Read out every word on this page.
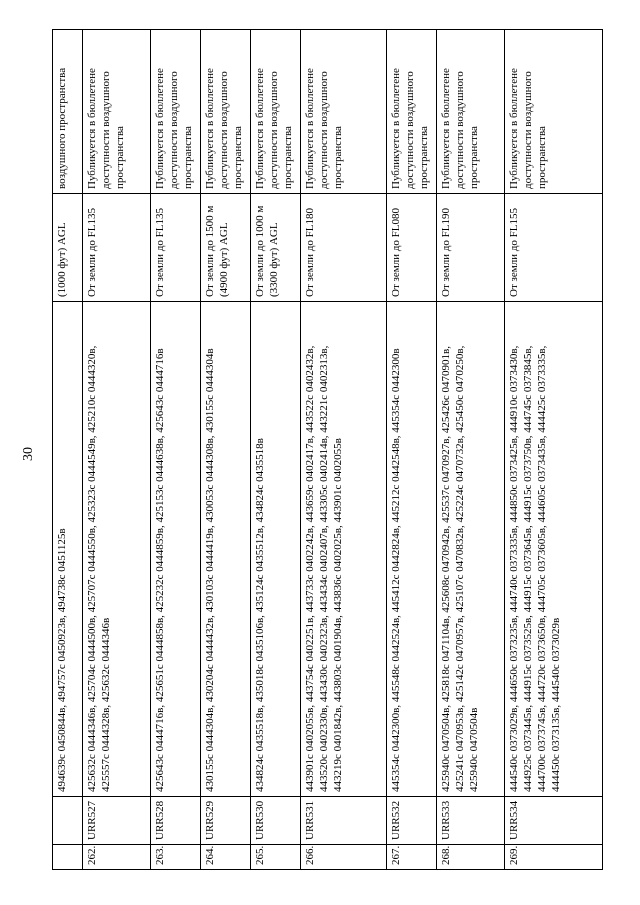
30
		494639с 0450844в, 494757с 0450923в, 494738с 0451125в	(1000 фут) AGL	воздушного пространства
262.	URR527	425632с 0444346в, 425704с 0444500в, 425707с 0444550в, 425323с 0444549в, 425210с 0444320в, 425557с 0444328в, 425632с 0444346в	От земли до FL135	Публикуется в бюллетене доступности воздушного пространства
263.	URR528	425643с 0444716в, 425651с 0444858в, 425232с 0444859в, 425153с 0444638в, 425643с 0444716в	От земли до FL135	Публикуется в бюллетене доступности воздушного пространства
264.	URR529	430155с 0444304в, 430204с 0444432в, 430103с 0444419в, 430053с 0444308в, 430155с 0444304в	От земли до 1500 м (4900 фут) AGL	Публикуется в бюллетене доступности воздушного пространства
265.	URR530	434824с 0435518в, 435018с 0435106в, 435124с 0435512в, 434824с 0435518в	От земли до 1000 м (3300 фут) AGL	Публикуется в бюллетене доступности воздушного пространства
266.	URR531	443901с 0402055в, 443754с 0402251в, 443733с 0402242в, 443659с 0402417в, 443522с 0402432в, 443520с 0402330в, 443430с 0402323в, 443434с 0402407в, 443305с 0402414в, 443221с 0402313в, 443219с 0401842в, 443803с 0401904в, 443836с 0402025в, 443901с 0402055в	От земли до FL180	Публикуется в бюллетене доступности воздушного пространства
267.	URR532	445354с 0442300в, 445548с 0442524в, 445412с 0442824в, 445212с 0442548в, 445354с 0442300в	От земли до FL080	Публикуется в бюллетене доступности воздушного пространства
268.	URR533	425940с 0470504в, 425818с 0471104в, 425608с 0470942в, 425537с 0470927в, 425426с 0470901в, 425241с 0470953в, 425142с 0470957в, 425107с 0470832в, 425224с 0470732в, 425450с 0470250в, 425940с 0470504в	От земли до FL190	Публикуется в бюллетене доступности воздушного пространства
269.	URR534	444540с 0373029в, 444650с 0373235в, 444740с 0373335в, 444850с 0373425в, 444910с 0373430в, 444925с 0373445в, 444915с 0373525в, 444915с 0373645в, 444915с 0373750в, 444745с 0373845в, 444700с 0373745в, 444720с 0373650в, 444705с 0373605в, 444605с 0373435в, 444425с 0373335в, 444450с 0373135в, 444540с 0373029в	От земли до FL155	Публикуется в бюллетене доступности воздушного пространства
